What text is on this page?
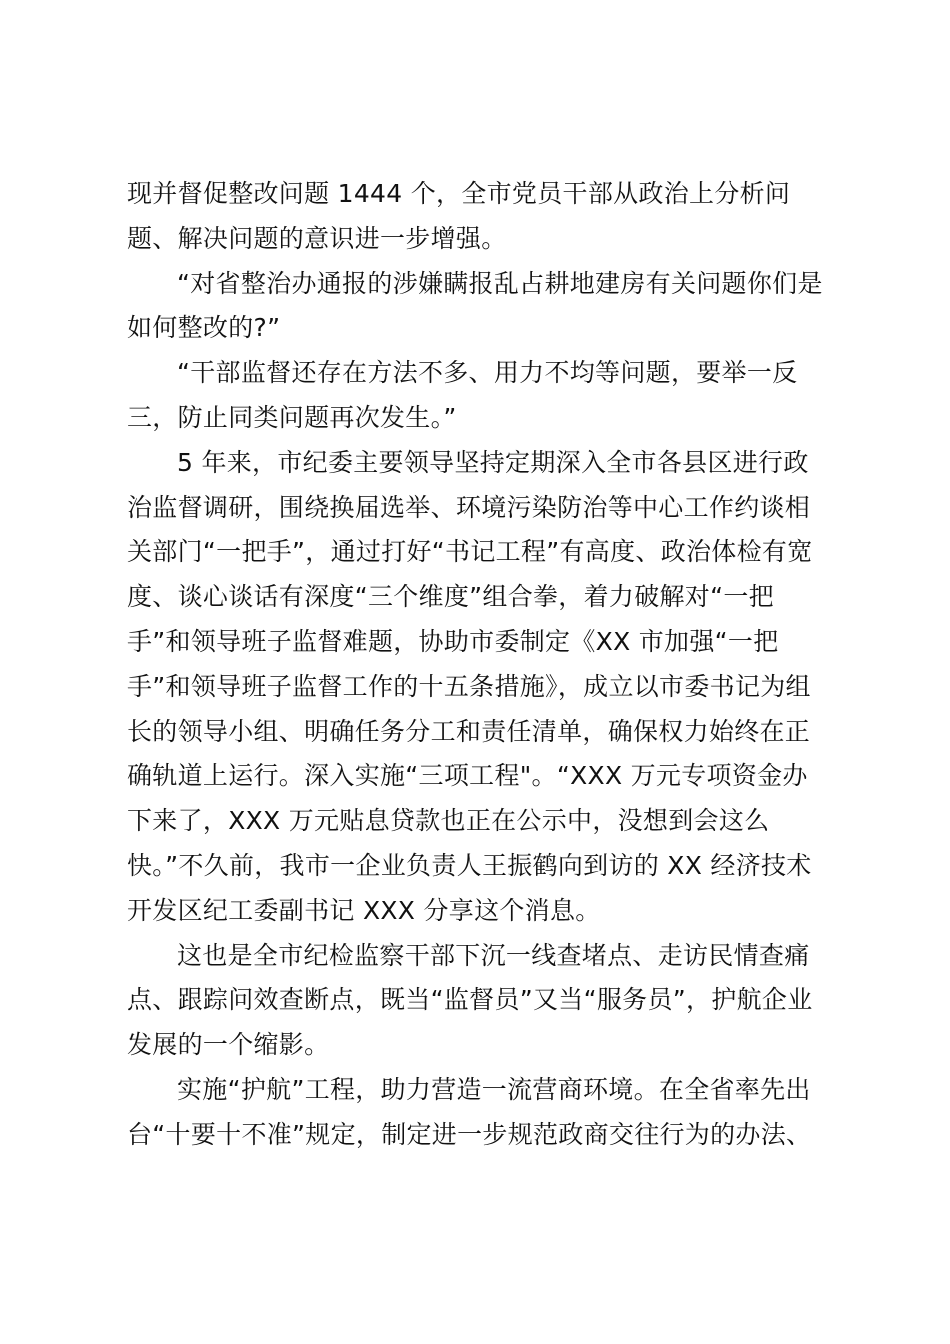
现并督促整改问题 1444 个，全市党员干部从政治上分析问
题、解决问题的意识进一步增强。

“对省整治办通报的涉嫌瞒报乱占耕地建房有关问题你们是
如何整改的?”

“干部监督还存在方法不多、用力不均等问题，要举一反
三，防止同类问题再次发生。”

5 年来，市纪委主要领导坚持定期深入全市各县区进行政
治监督调研，围绕换届选举、环境污染防治等中心工作约谈相
关部门“一把手”，通过打好“书记工程”有高度、政治体检有宽
度、谈心谈话有深度“三个维度”组合拳，着力破解对“一把
手”和领导班子监督难题，协助市委制定《XX 市加强“一把
手”和领导班子监督工作的十五条措施》，成立以市委书记为组
长的领导小组、明确任务分工和责任清单，确保权力始终在正
确轨道上运行。深入实施“三项工程"。“XXX 万元专项资金办
下来了，XXX 万元贴息贷款也正在公示中，没想到会这么
快。”不久前，我市一企业负责人王振鹤向到访的 XX 经济技术
开发区纪工委副书记 XXX 分享这个消息。

这也是全市纪检监察干部下沉一线查堵点、走访民情查痛
点、跟踪问效查断点，既当“监督员”又当“服务员”，护航企业
发展的一个缩影。

实施“护航”工程，助力营造一流营商环境。在全省率先出
台“十要十不准”规定，制定进一步规范政商交往行为的办法、
